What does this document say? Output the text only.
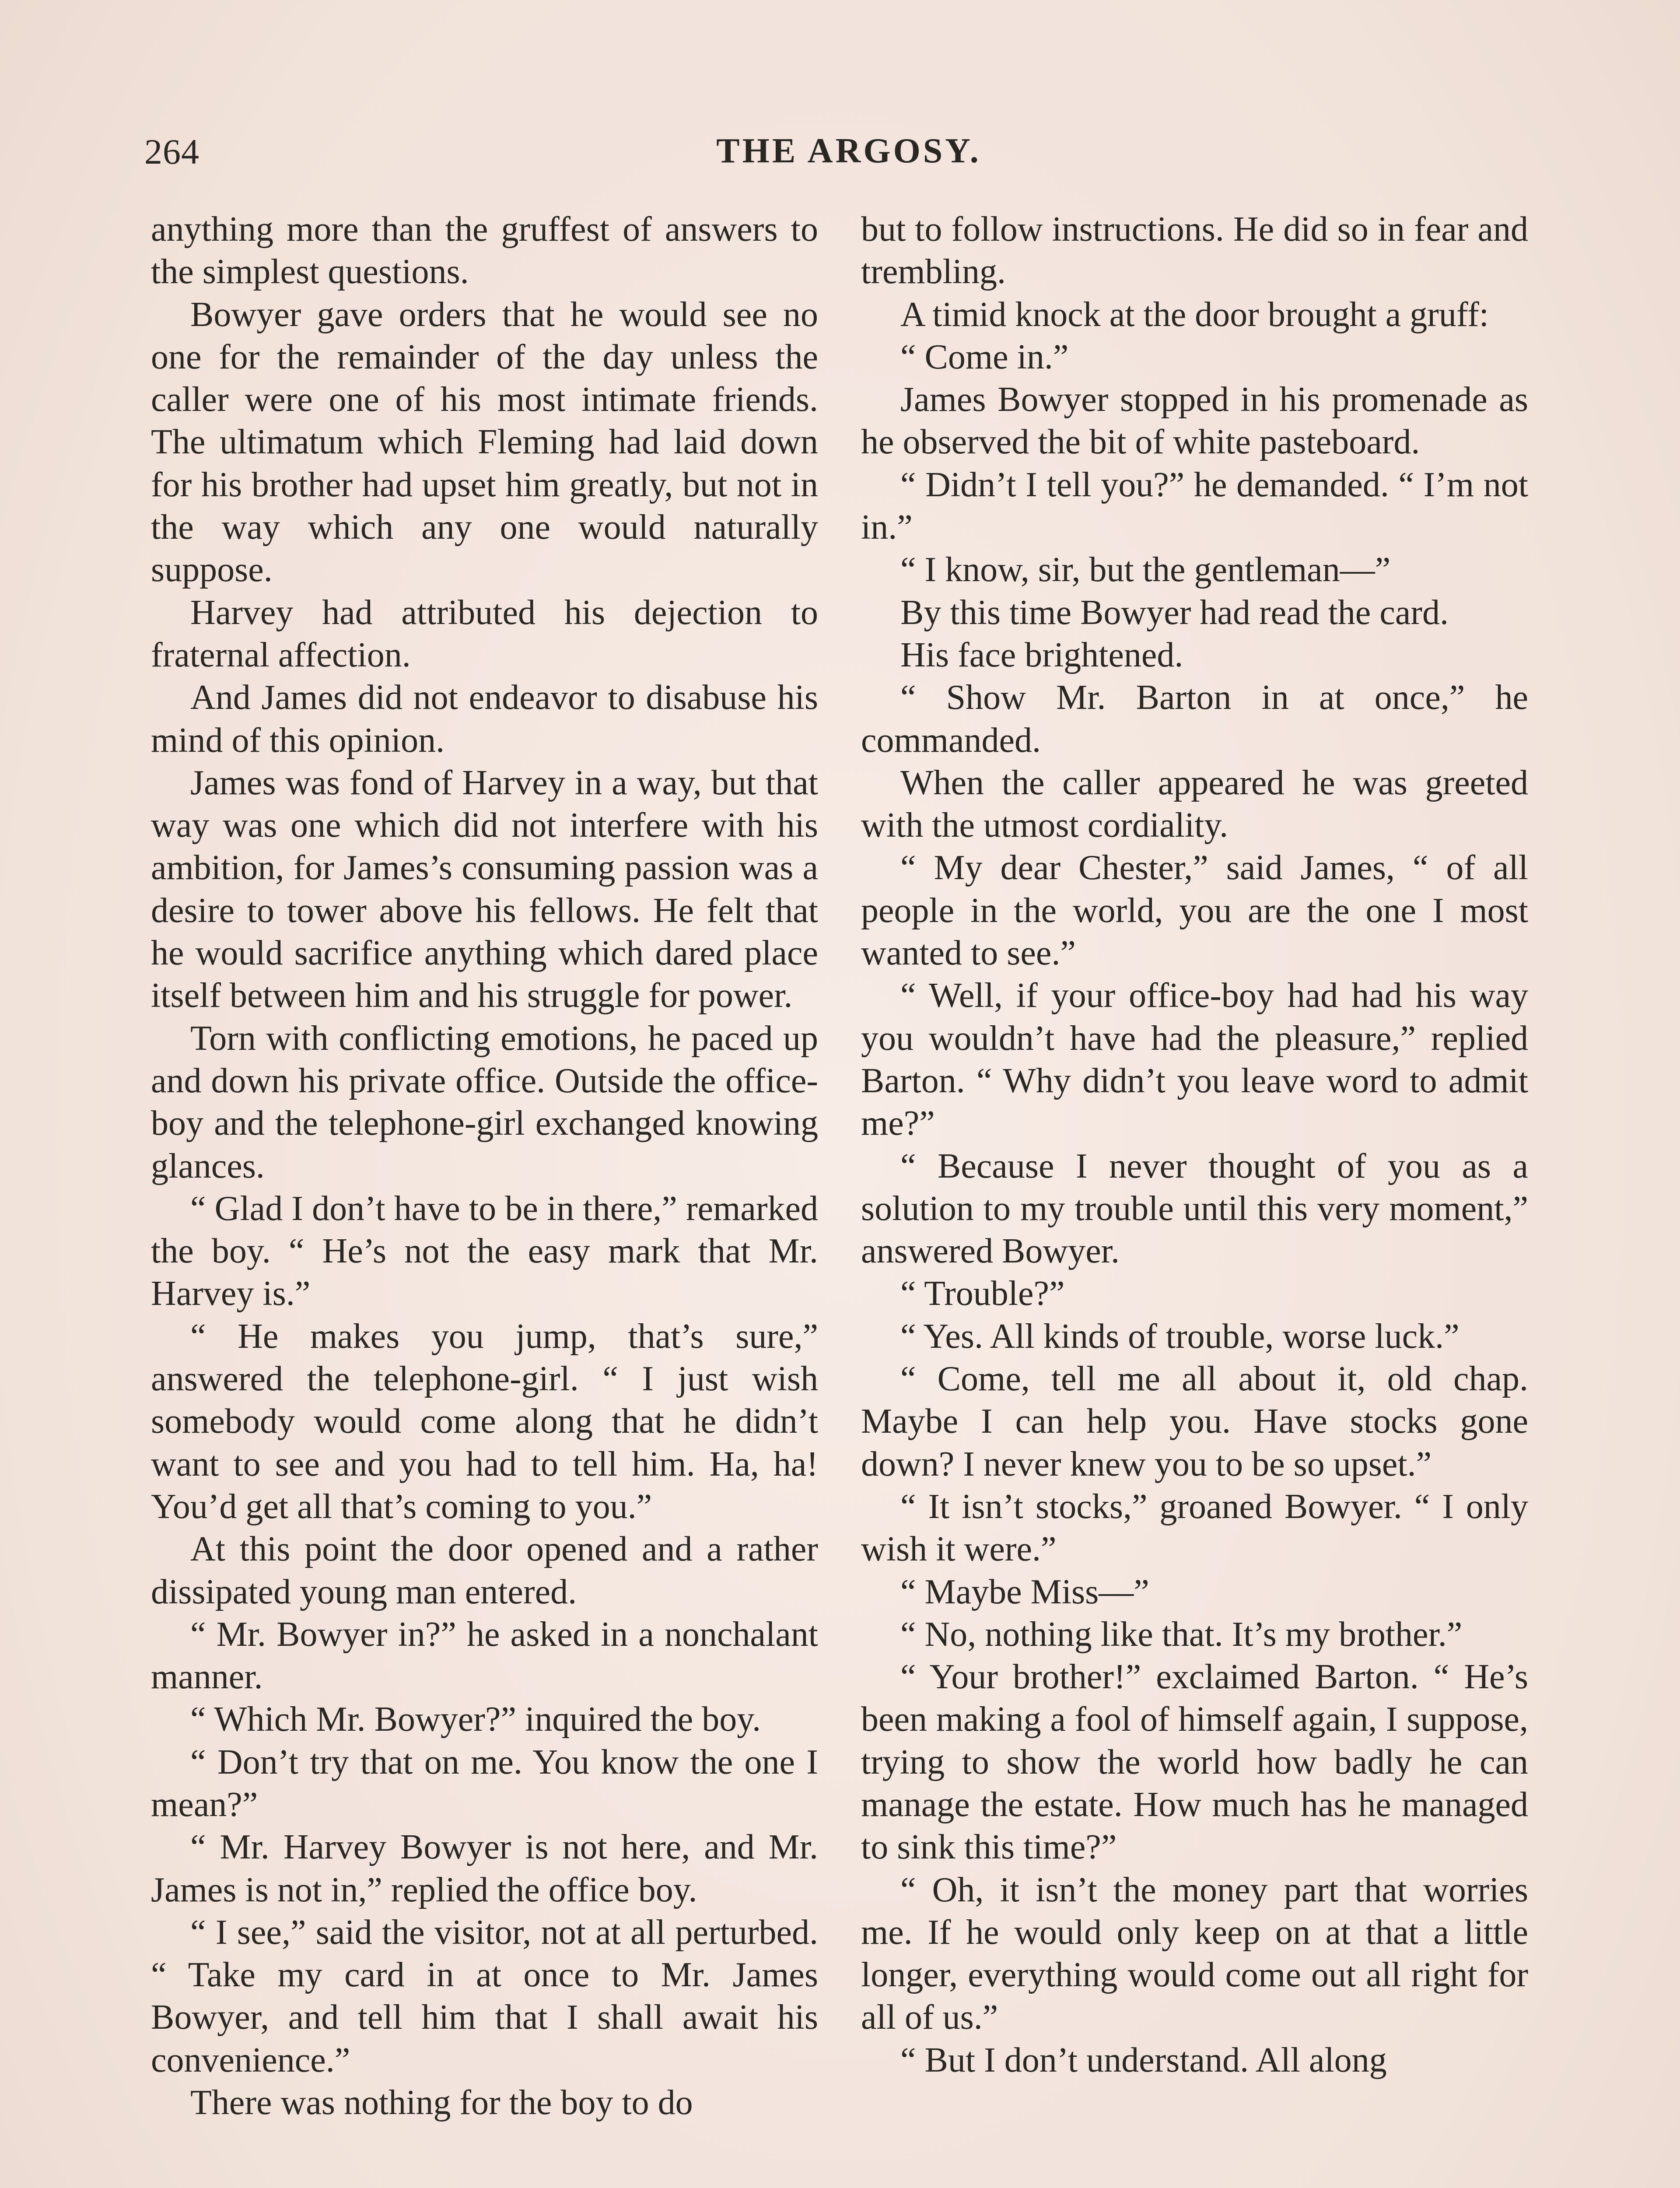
264	THE ARGOSY.

anything more than the gruffest of answers to the simplest questions.

Bowyer gave orders that he would see no one for the remainder of the day unless the caller were one of his most intimate friends. The ultimatum which Fleming had laid down for his brother had upset him greatly, but not in the way which any one would naturally suppose.

Harvey had attributed his dejection to fraternal affection.

And James did not endeavor to disabuse his mind of this opinion.

James was fond of Harvey in a way, but that way was one which did not interfere with his ambition, for James’s consuming passion was a desire to tower above his fellows. He felt that he would sacrifice anything which dared place itself between him and his struggle for power.

Torn with conflicting emotions, he paced up and down his private office. Outside the office-boy and the telephone-girl exchanged knowing glances.

“ Glad I don’t have to be in there,” remarked the boy. “ He’s not the easy mark that Mr. Harvey is.”

“ He makes you jump, that’s sure,” answered the telephone-girl. “ I just wish somebody would come along that he didn’t want to see and you had to tell him. Ha, ha! You’d get all that’s coming to you.”

At this point the door opened and a rather dissipated young man entered.

“ Mr. Bowyer in?” he asked in a nonchalant manner.

“ Which Mr. Bowyer?” inquired the boy.

“ Don’t try that on me. You know the one I mean?”

“ Mr. Harvey Bowyer is not here, and Mr. James is not in,” replied the office boy.

“ I see,” said the visitor, not at all perturbed. “ Take my card in at once to Mr. James Bowyer, and tell him that I shall await his convenience.”

There was nothing for the boy to do

but to follow instructions. He did so in fear and trembling.

A timid knock at the door brought a gruff:

“ Come in.”

James Bowyer stopped in his promenade as he observed the bit of white pasteboard.

“ Didn’t I tell you?” he demanded. “ I’m not in.”

“ I know, sir, but the gentleman—”

By this time Bowyer had read the card.

His face brightened.

“ Show Mr. Barton in at once,” he commanded.

When the caller appeared he was greeted with the utmost cordiality.

“ My dear Chester,” said James, “ of all people in the world, you are the one I most wanted to see.”

“ Well, if your office-boy had had his way you wouldn’t have had the pleasure,” replied Barton. “ Why didn’t you leave word to admit me?”

“ Because I never thought of you as a solution to my trouble until this very moment,” answered Bowyer.

“ Trouble?”

“ Yes. All kinds of trouble, worse luck.”

“ Come, tell me all about it, old chap. Maybe I can help you. Have stocks gone down? I never knew you to be so upset.”

“ It isn’t stocks,” groaned Bowyer. “ I only wish it were.”

“ Maybe Miss—”

“ No, nothing like that. It’s my brother.”

“ Your brother!” exclaimed Barton. “ He’s been making a fool of himself again, I suppose, trying to show the world how badly he can manage the estate. How much has he managed to sink this time?”

“ Oh, it isn’t the money part that worries me. If he would only keep on at that a little longer, everything would come out all right for all of us.”

“ But I don’t understand. All along
